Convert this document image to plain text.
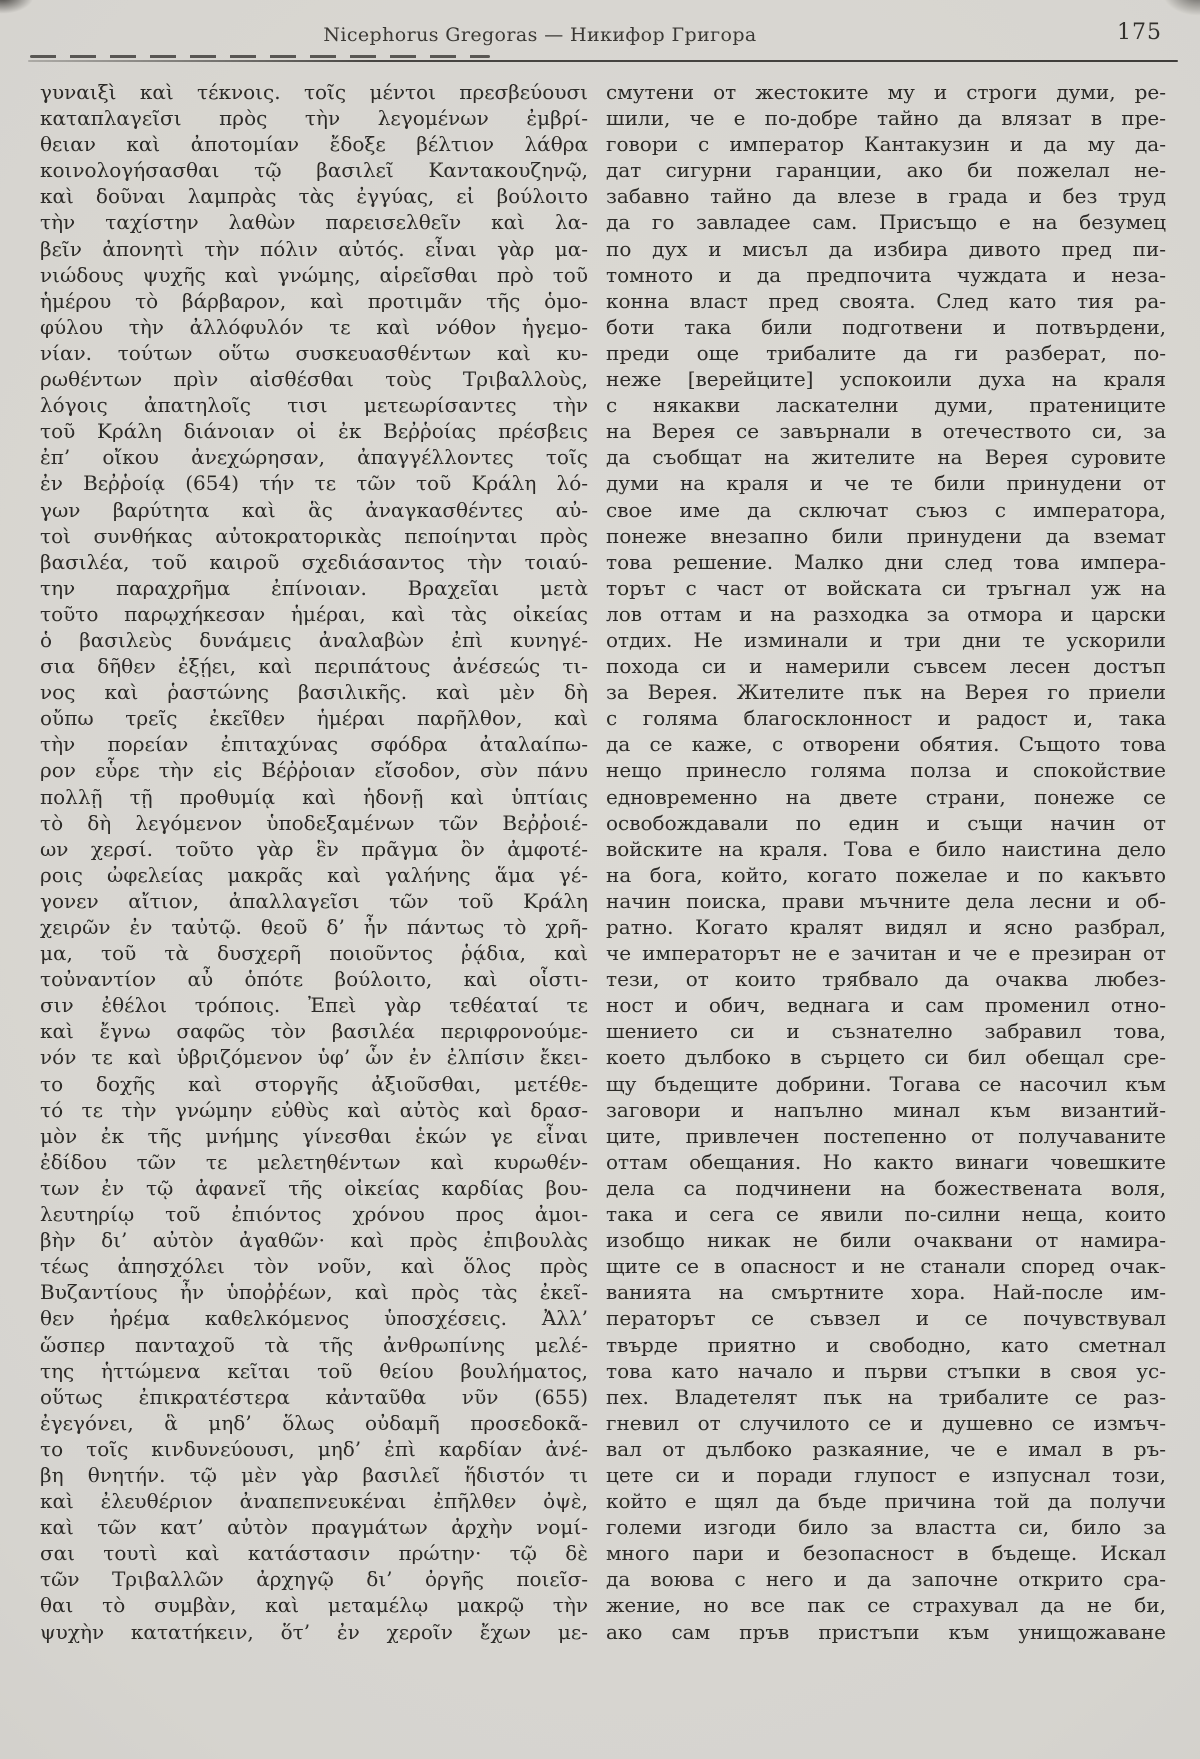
Nicephorus Gregoras — Никифор Григора	175
γυναιξὶ καὶ τέκνοις. τοῖς μέντοι πρεσβεύουσι
καταπλαγεῖσι πρὸς τὴν λεγομένων ἐμβρί-
θειαν καὶ ἀποτομίαν ἔδοξε βέλτιον λάθρα
κοινολογήσασθαι τῷ βασιλεῖ Καντακουζηνῷ,
καὶ δοῦναι λαμπρὰς τὰς ἐγγύας, εἰ βούλοιτο
τὴν ταχίστην λαθὼν παρεισελθεῖν καὶ λα-
βεῖν ἀπονητὶ τὴν πόλιν αὐτός. εἶναι γὰρ μα-
νιώδους ψυχῆς καὶ γνώμης, αἱρεῖσθαι πρὸ τοῦ
ἡμέρου τὸ βάρβαρον, καὶ προτιμᾶν τῆς ὁμο-
φύλου τὴν ἀλλόφυλόν τε καὶ νόθον ἡγεμο-
νίαν. τούτων οὕτω συσκευασθέντων καὶ κυ-
ρωθέντων πρὶν αἰσθέσθαι τοὺς Τριβαλλοὺς,
λόγοις ἀπατηλοῖς τισι μετεωρίσαντες τὴν
τοῦ Κράλη διάνοιαν οἱ ἐκ Βεῤῥοίας πρέσβεις
ἐπ’ οἴκου ἀνεχώρησαν, ἀπαγγέλλοντες τοῖς
ἐν Βεῤῥοίᾳ (654) τήν τε τῶν τοῦ Κράλη λό-
γων βαρύτητα καὶ ἃς ἀναγκασθέντες αὐ-
τοὶ συνθήκας αὐτοκρατορικὰς πεποίηνται πρὸς
βασιλέα, τοῦ καιροῦ σχεδιάσαντος τὴν τοιαύ-
την παραχρῆμα ἐπίνοιαν. Βραχεῖαι μετὰ
τοῦτο παρῳχήκεσαν ἡμέραι, καὶ τὰς οἰκείας
ὁ βασιλεὺς δυνάμεις ἀναλαβὼν ἐπὶ κυνηγέ-
σια δῆθεν ἐξῄει, καὶ περιπάτους ἀνέσεώς τι-
νος καὶ ῥαστώνης βασιλικῆς. καὶ μὲν δὴ
οὔπω τρεῖς ἐκεῖθεν ἡμέραι παρῆλθον, καὶ
τὴν πορείαν ἐπιταχύνας σφόδρα ἀταλαίπω-
ρον εὗρε τὴν εἰς Βέῤῥοιαν εἴσοδον, σὺν πάνυ
πολλῇ τῇ προθυμίᾳ καὶ ἡδονῇ καὶ ὑπτίαις
τὸ δὴ λεγόμενον ὑποδεξαμένων τῶν Βεῤῥοιέ-
ων χερσί. τοῦτο γὰρ ἓν πρᾶγμα ὂν ἀμφοτέ-
ροις ὠφελείας μακρᾶς καὶ γαλήνης ἅμα γέ-
γονεν αἴτιον, ἀπαλλαγεῖσι τῶν τοῦ Κράλη
χειρῶν ἐν ταὐτῷ. θεοῦ δ’ ἦν πάντως τὸ χρῆ-
μα, τοῦ τὰ δυσχερῆ ποιοῦντος ῥᾴδια, καὶ
τοὐναντίον αὖ ὁπότε βούλοιτο, καὶ οἷστι-
σιν ἐθέλοι τρόποις. Ἐπεὶ γὰρ τεθέαταί τε
καὶ ἔγνω σαφῶς τὸν βασιλέα περιφρονούμε-
νόν τε καὶ ὑβριζόμενον ὑφ’ ὧν ἐν ἐλπίσιν ἔκει-
το δοχῆς καὶ στοργῆς ἀξιοῦσθαι, μετέθε-
τό τε τὴν γνώμην εὐθὺς καὶ αὐτὸς καὶ δρασ-
μὸν ἐκ τῆς μνήμης γίνεσθαι ἑκών γε εἶναι
ἐδίδου τῶν τε μελετηθέντων καὶ κυρωθέν-
των ἐν τῷ ἀφανεῖ τῆς οἰκείας καρδίας βου-
λευτηρίῳ τοῦ ἐπιόντος χρόνου προς ἀμοι-
βὴν δι’ αὐτὸν ἀγαθῶν· καὶ πρὸς ἐπιβουλὰς
τέως ἀπησχόλει τὸν νοῦν, καὶ ὅλος πρὸς
Βυζαντίους ἦν ὑποῤῥέων, καὶ πρὸς τὰς ἐκεῖ-
θεν ἠρέμα καθελκόμενος ὑποσχέσεις. Ἀλλ’
ὥσπερ πανταχοῦ τὰ τῆς ἀνθρωπίνης μελέ-
της ἡττώμενα κεῖται τοῦ θείου βουλήματος,
οὕτως ἐπικρατέστερα κἀνταῦθα νῦν (655)
ἐγεγόνει, ἃ μηδ’ ὅλως οὐδαμῆ προσεδοκᾶ-
το τοῖς κινδυνεύουσι, μηδ’ ἐπὶ καρδίαν ἀνέ-
βη θνητήν. τῷ μὲν γὰρ βασιλεῖ ἥδιστόν τι
καὶ ἐλευθέριον ἀναπεπνευκέναι ἐπῆλθεν ὀψὲ,
καὶ τῶν κατ’ αὐτὸν πραγμάτων ἀρχὴν νομί-
σαι τουτὶ καὶ κατάστασιν πρώτην· τῷ δὲ
τῶν Τριβαλλῶν ἀρχηγῷ δι’ ὀργῆς ποιεῖσ-
θαι τὸ συμβὰν, καὶ μεταμέλῳ μακρῷ τὴν
ψυχὴν κατατήκειν, ὅτ’ ἐν χεροῖν ἔχων με-
смутени от жестоките му и строги думи, ре-
шили, че е по-добре тайно да влязат в пре-
говори с император Кантакузин и да му да-
дат сигурни гаранции, ако би пожелал не-
забавно тайно да влезе в града и без труд
да го завладее сам. Присъщо е на безумец
по дух и мисъл да избира дивото пред пи-
томното и да предпочита чуждата и неза-
конна власт пред своята. След като тия ра-
боти така били подготвени и потвърдени,
преди още трибалите да ги разберат, по-
неже [верейците] успокоили духа на краля
с някакви ласкателни думи, пратениците
на Верея се завърнали в отечеството си, за
да съобщат на жителите на Верея суровите
думи на краля и че те били принудени от
свое име да сключат съюз с императора,
понеже внезапно били принудени да вземат
това решение. Малко дни след това импера-
торът с част от войската си тръгнал уж на
лов оттам и на разходка за отмора и царски
отдих. Не изминали и три дни те ускорили
похода си и намерили съвсем лесен достъп
за Верея. Жителите пък на Верея го приели
с голяма благосклонност и радост и, така
да се каже, с отворени обятия. Същото това
нещо принесло голяма полза и спокойствие
едновременно на двете страни, понеже се
освобождавали по един и същи начин от
войските на краля. Това е било наистина дело
на бога, който, когато пожелае и по какъвто
начин поиска, прави мъчните дела лесни и об-
ратно. Когато кралят видял и ясно разбрал,
че императорът не е зачитан и че е презиран от
тези, от които трябвало да очаква любез-
ност и обич, веднага и сам променил отно-
шението си и съзнателно забравил това,
което дълбоко в сърцето си бил обещал сре-
щу бъдещите добрини. Тогава се насочил към
заговори и напълно минал към византий-
ците, привлечен постепенно от получаваните
оттам обещания. Но както винаги човешките
дела са подчинени на божествената воля,
така и сега се явили по-силни неща, които
изобщо никак не били очаквани от намира-
щите се в опасност и не станали според очак-
ванията на смъртните хора. Най-после им-
ператорът се съвзел и се почувствувал
твърде приятно и свободно, като сметнал
това като начало и първи стъпки в своя ус-
пех. Владетелят пък на трибалите се раз-
гневил от случилото се и душевно се измъч-
вал от дълбоко разкаяние, че е имал в ръ-
цете си и поради глупост е изпуснал този,
който е щял да бъде причина той да получи
големи изгоди било за властта си, било за
много пари и безопасност в бъдеще. Искал
да воюва с него и да започне открито сра-
жение, но все пак се страхувал да не би,
ако сам пръв пристъпи към унищожаване
